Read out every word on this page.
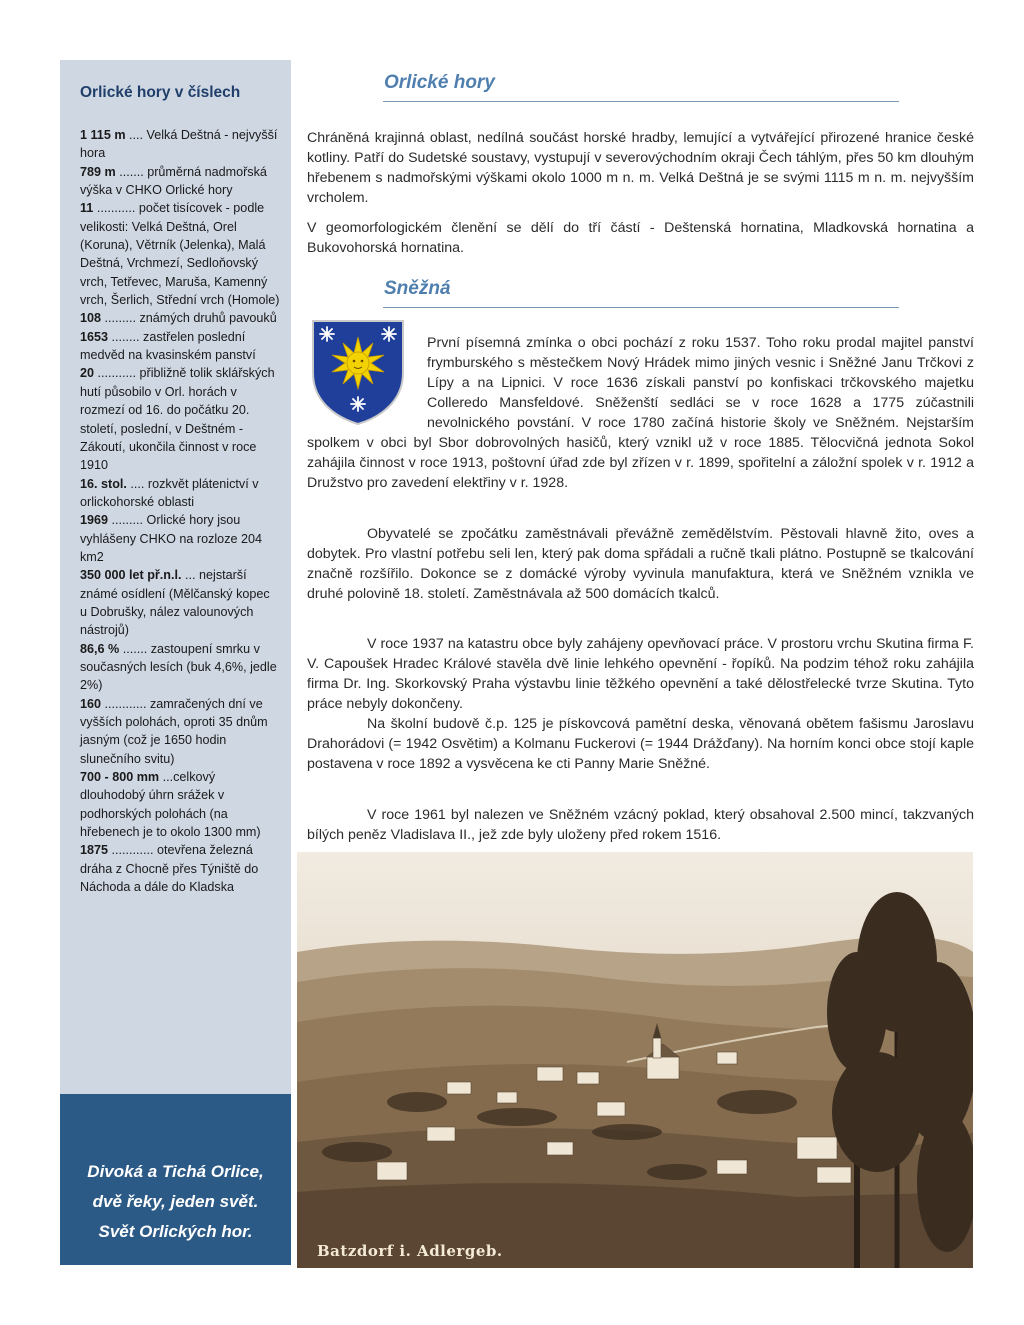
Orlické hory v číslech
1 115 m .... Velká Deštná - nejvyšší hora
789 m ....... průměrná nadmořská výška v CHKO Orlické hory
11 ........... počet tisícovek - podle velikosti: Velká Deštná, Orel (Koruna), Větrník (Jelenka), Malá Deštná, Vrchmezí, Sedloňovský vrch, Tetřevec, Maruša, Kamenný vrch, Šerlich, Střední vrch (Homole)
108 ......... známých druhů pavouků
1653 ........ zastřelen poslední medvěd na kvasinském panství
20 ........... přibližně tolik sklářských hutí působilo v Orl. horách v rozmezí od 16. do počátku 20. století, poslední, v Deštném - Zákoutí, ukončila činnost v roce 1910
16. stol. .... rozkvět plátenictví v orlickohorské oblasti
1969 ......... Orlické hory jsou vyhlášeny CHKO na rozloze 204 km2
350 000 let př.n.l. ... nejstarší známé osídlení (Mělčanský kopec u Dobrušky, nález valounových nástrojů)
86,6 % ....... zastoupení smrku v současných lesích (buk 4,6%, jedle 2%)
160 ............ zamračených dní ve vyšších polohách, oproti 35 dnům jasným (což je 1650 hodin slunečního svitu)
700 - 800 mm ...celkový dlouhodobý úhrn srážek v podhorských polohách (na hřebenech je to okolo 1300 mm)
1875 ............ otevřena železná dráha z Chocně přes Týniště do Náchoda a dále do Kladska
Divoká a Tichá Orlice,
dvě řeky, jeden svět.
Svět Orlických hor.
Orlické hory

Chráněná krajinná oblast, nedílná součást horské hradby, lemující a vytvářející přirozené hranice české kotliny. Patří do Sudetské soustavy, vystupují v severovýchodním okraji Čech táhlým, přes 50 km dlouhým hřebenem s nadmořskými výškami okolo 1000 m n. m. Velká Deštná je se svými 1115 m n. m. nejvyšším vrcholem.

V geomorfologickém členění se dělí do tří částí - Deštenská hornatina, Mladkovská hornatina a Bukovohorská hornatina.

Sněžná

První písemná zmínka o obci pochází z roku 1537. Toho roku prodal majitel panství frymburského s městečkem Nový Hrádek mimo jiných vesnic i Sněžné Janu Trčkovi z Lípy a na Lipnici. V roce 1636 získali panství po konfiskaci trčkovského majetku Colleredo Mansfeldové. Sněženští sedláci se v roce 1628 a 1775 zúčastnili nevolnického povstání. V roce 1780 začíná historie školy ve Sněžném. Nejstarším spolkem v obci byl Sbor dobrovolných hasičů, který vznikl už v roce 1885. Tělocvičná jednota Sokol zahájila činnost v roce 1913, poštovní úřad zde byl zřízen v r. 1899, spořitelní a záložní spolek v r. 1912 a Družstvo pro zavedení elektřiny v r. 1928.

Obyvatelé se zpočátku zaměstnávali převážně zemědělstvím. Pěstovali hlavně žito, oves a dobytek. Pro vlastní potřebu seli len, který pak doma spřádali a ručně tkali plátno. Postupně se tkalcování značně rozšířilo. Dokonce se z domácké výroby vyvinula manufaktura, která ve Sněžném vznikla ve druhé polovině 18. století. Zaměstnávala až 500 domácích tkalců.

V roce 1937 na katastru obce byly zahájeny opevňovací práce. V prostoru vrchu Skutina firma F. V. Capoušek Hradec Králové stavěla dvě linie lehkého opevnění - řopíků. Na podzim téhož roku zahájila firma Dr. Ing. Skorkovský Praha výstavbu linie těžkého opevnění a také dělostřelecké tvrze Skutina. Tyto práce nebyly dokončeny.

Na školní budově č.p. 125 je pískovcová pamětní deska, věnovaná obětem fašismu Jaroslavu Drahorádovi (= 1942 Osvětim) a Kolmanu Fuckerovi (= 1944 Drážďany). Na horním konci obce stojí kaple postavena v roce 1892 a vysvěcena ke cti Panny Marie Sněžné.

V roce 1961 byl nalezen ve Sněžném vzácný poklad, který obsahoval 2.500 mincí, takzvaných bílých peněz Vladislava II., jež zde byly uloženy před rokem 1516.

Batzdorf i. Adlergeb.
